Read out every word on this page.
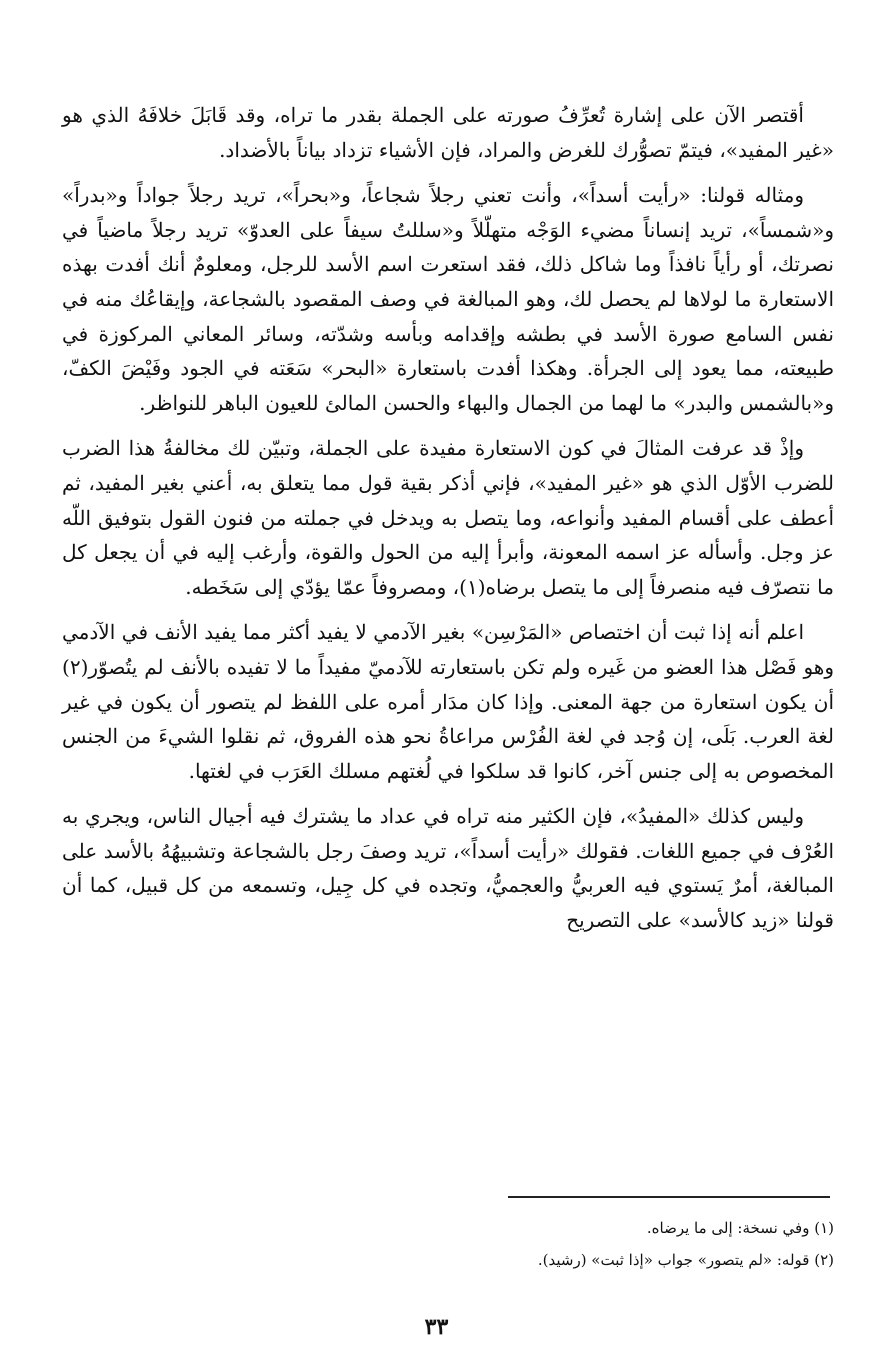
أقتصر الآن على إشارة تُعرِّفُ صورته على الجملة بقدر ما تراه، وقد قَابَلَ خلافَهُ الذي هو «غير المفيد»، فيتمّ تصوُّرك للغرض والمراد، فإن الأشياء تزداد بياناً بالأضداد.

ومثاله قولنا: «رأيت أسداً»، وأنت تعني رجلاً شجاعاً، و«بحراً»، تريد رجلاً جواداً و«بدراً» و«شمساً»، تريد إنساناً مضيء الوَجْه متهلّلاً و«سللتُ سيفاً على العدوّ» تريد رجلاً ماضياً في نصرتك، أو رأياً نافذاً وما شاكل ذلك، فقد استعرت اسم الأسد للرجل، ومعلومٌ أنك أفدت بهذه الاستعارة ما لولاها لم يحصل لك، وهو المبالغة في وصف المقصود بالشجاعة، وإيقاعُك منه في نفس السامع صورة الأسد في بطشه وإقدامه وبأسه وشدّته، وسائر المعاني المركوزة في طبيعته، مما يعود إلى الجرأة. وهكذا أفدت باستعارة «البحر» سَعَته في الجود وفَيْضَ الكفّ، و«بالشمس والبدر» ما لهما من الجمال والبهاء والحسن المالئ للعيون الباهر للنواظر.

وإذْ قد عرفت المثالَ في كون الاستعارة مفيدة على الجملة، وتبيّن لك مخالفةُ هذا الضرب للضرب الأوّل الذي هو «غير المفيد»، فإني أذكر بقية قول مما يتعلق به، أعني بغير المفيد، ثم أعطف على أقسام المفيد وأنواعه، وما يتصل به ويدخل في جملته من فنون القول بتوفيق اللّه عز وجل. وأسأله عز اسمه المعونة، وأبرأ إليه من الحول والقوة، وأرغب إليه في أن يجعل كل ما نتصرّف فيه منصرفاً إلى ما يتصل برضاه(١)، ومصروفاً عمّا يؤدّي إلى سَخَطه.

اعلم أنه إذا ثبت أن اختصاص «المَرْسِن» بغير الآدمي لا يفيد أكثر مما يفيد الأنف في الآدمي وهو فَصْل هذا العضو من غَيره ولم تكن باستعارته للآدميّ مفيداً ما لا تفيده بالأنف لم يتُصوّر(٢) أن يكون استعارة من جهة المعنى. وإذا كان مدَار أمره على اللفظ لم يتصور أن يكون في غير لغة العرب. بَلَى، إن وُجد في لغة الفُرْس مراعاةُ نحو هذه الفروق، ثم نقلوا الشيءَ من الجنس المخصوص به إلى جنس آخر، كانوا قد سلكوا في لُغتهم مسلك العَرَب في لغتها.

وليس كذلك «المفيدُ»، فإن الكثير منه تراه في عداد ما يشترك فيه أجيال الناس، ويجري به العُرْف في جميع اللغات. فقولك «رأيت أسداً»، تريد وصفَ رجل بالشجاعة وتشبيهُهُ بالأسد على المبالغة، أمرٌ يَستوي فيه العربيُّ والعجميُّ، وتجده في كل جِيل، وتسمعه من كل قبيل، كما أن قولنا «زيد كالأسد» على التصريح

(١) وفي نسخة: إلى ما يرضاه.

(٢) قوله: «لم يتصور» جواب «إذا ثبت» (رشيد).

٣٣
